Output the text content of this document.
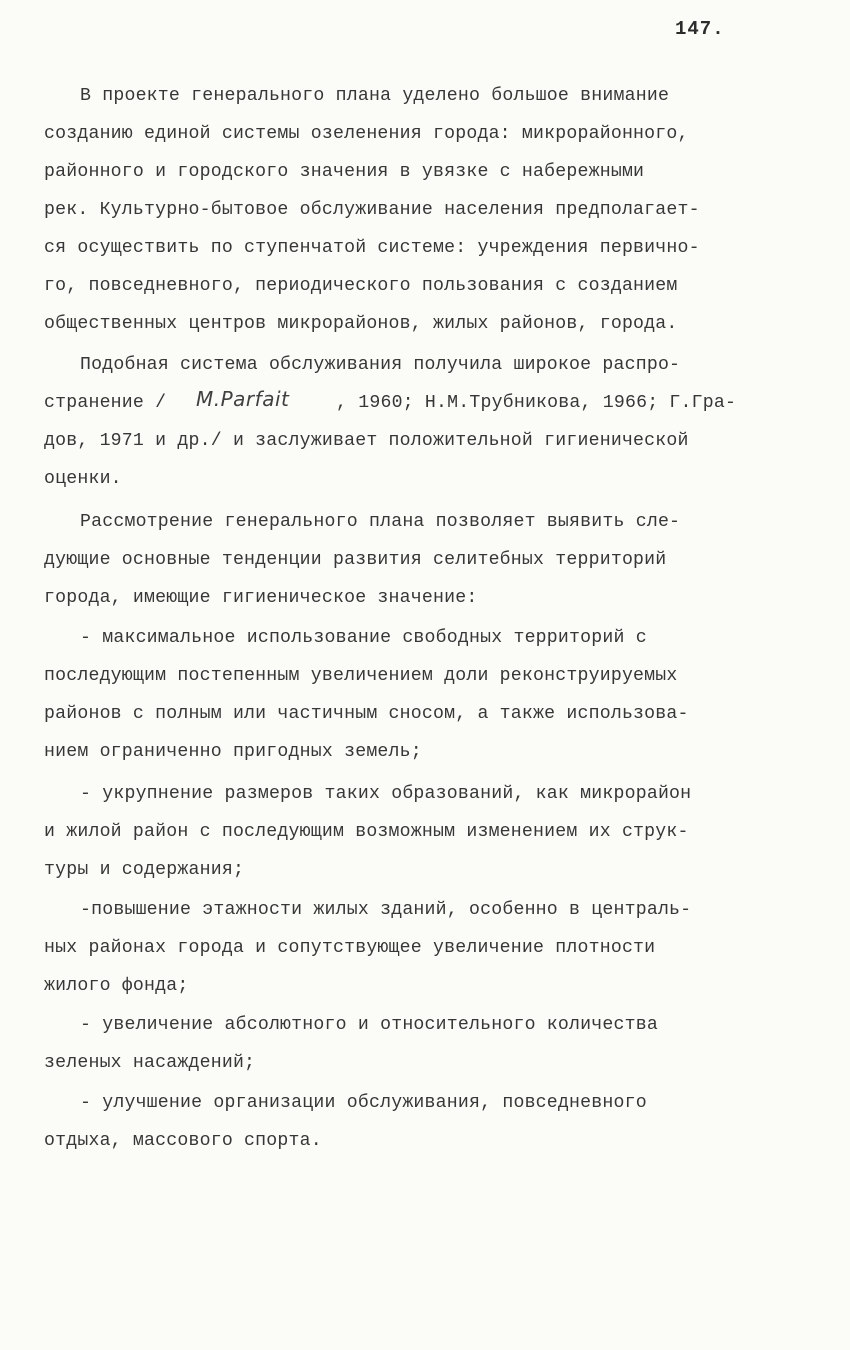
147.
В проекте генерального плана уделено большое внимание
созданию единой системы озеленения города: микрорайонного,
районного и городского значения в увязке с набережными
рек. Культурно-бытовое обслуживание населения предполагает-
ся осуществить по ступенчатой системе: учреждения первично-
го, повседневного, периодического пользования с созданием
общественных центров микрорайонов, жилых районов, города.
Подобная система обслуживания получила широкое распро-
странение / M.Parfait	, 1960; Н.М.Трубникова, 1966; Г.Гра-
дов, 1971 и др./ и заслуживает положительной гигиенической
оценки.
Рассмотрение генерального плана позволяет выявить сле-
дующие основные тенденции развития селитебных территорий
города, имеющие гигиеническое значение:
- максимальное использование свободных территорий с
последующим постепенным увеличением доли реконструируемых
районов с полным или частичным сносом, а также использова-
нием ограниченно пригодных земель;
- укрупнение размеров таких образований, как микрорайон
и жилой район с последующим возможным изменением их струк-
туры и содержания;
-повышение этажности жилых зданий, особенно в централь-
ных районах города и сопутствующее увеличение плотности
жилого фонда;
- увеличение абсолютного и относительного количества
зеленых насаждений;
- улучшение организации обслуживания, повседневного
отдыха, массового спорта.
